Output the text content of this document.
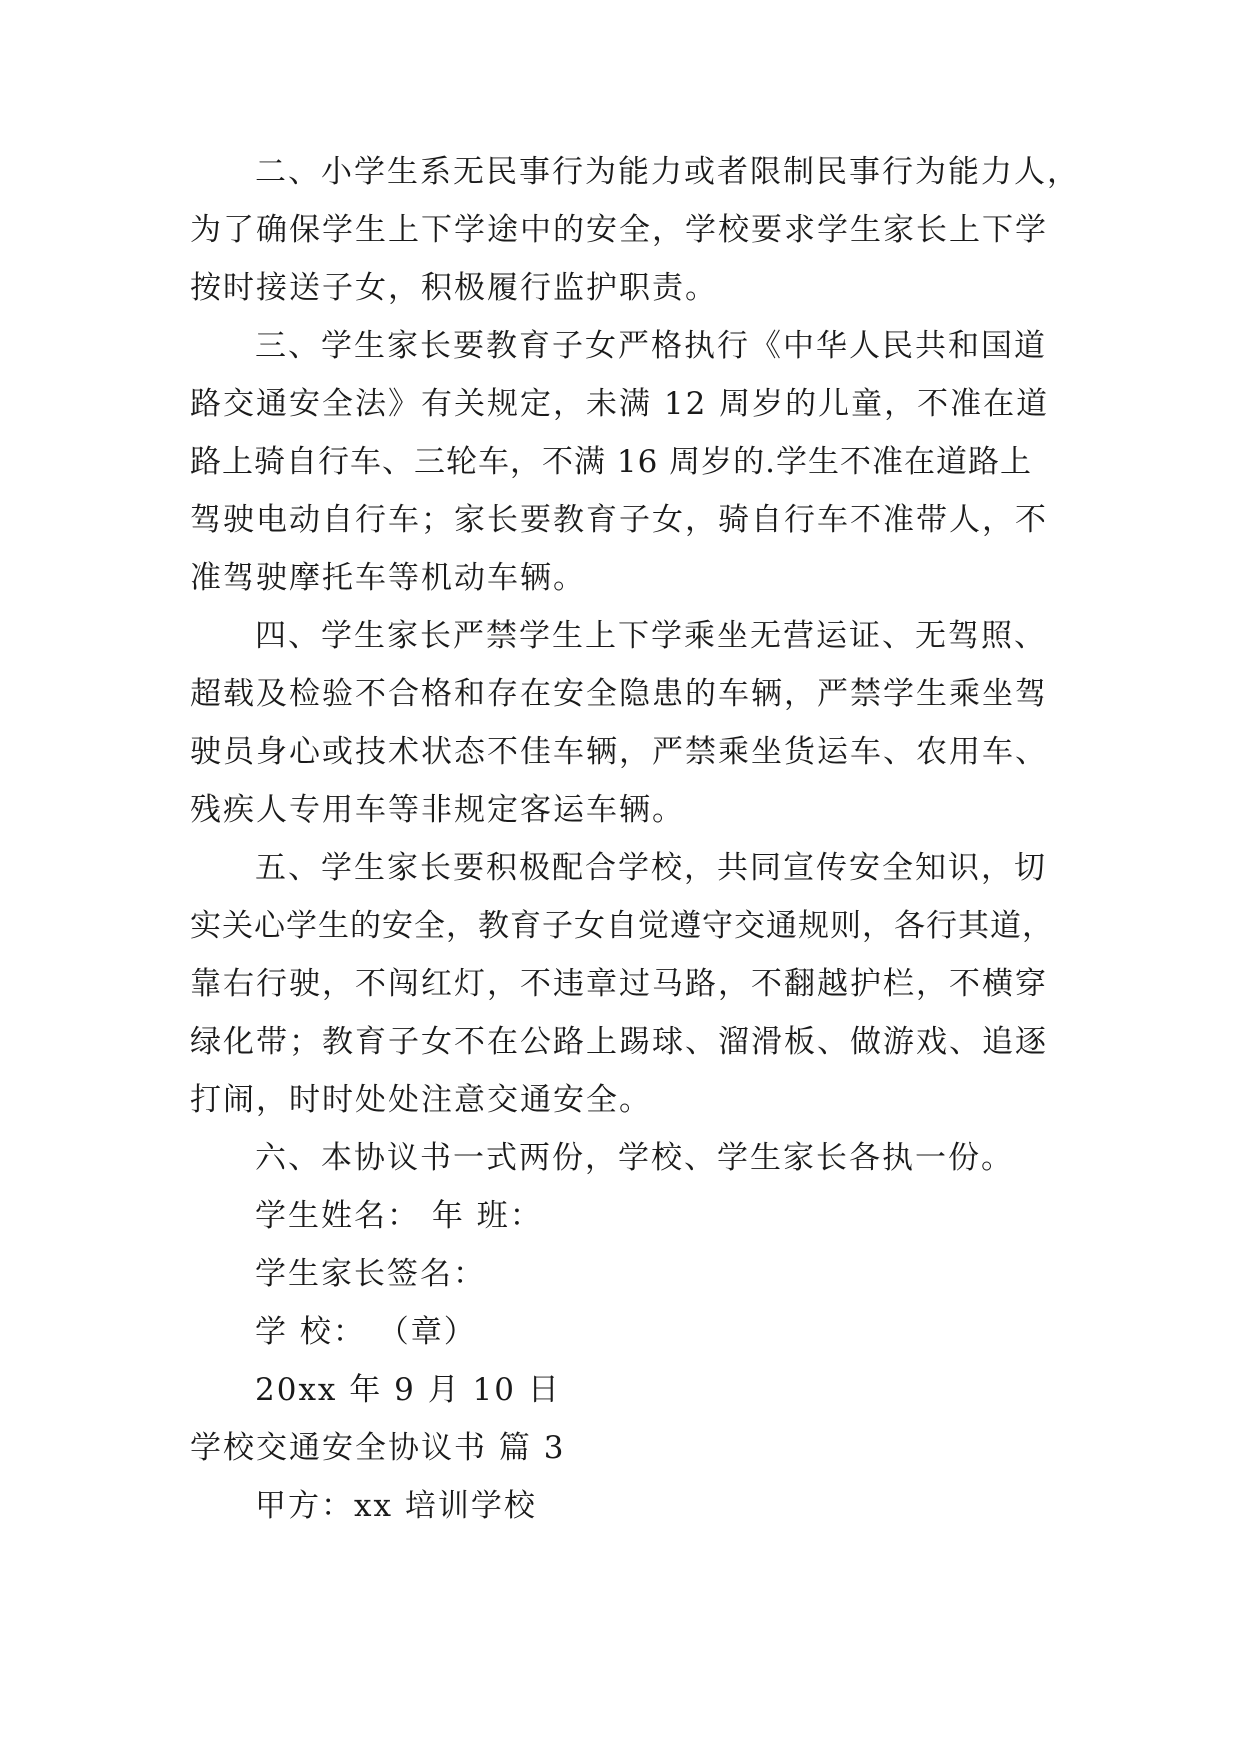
二、小学生系无民事行为能力或者限制民事行为能力人，
为了确保学生上下学途中的安全，学校要求学生家长上下学
按时接送子女，积极履行监护职责。
三、学生家长要教育子女严格执行《中华人民共和国道
路交通安全法》有关规定，未满 12 周岁的儿童，不准在道
路上骑自行车、三轮车，不满 16 周岁的.学生不准在道路上
驾驶电动自行车；家长要教育子女，骑自行车不准带人，不
准驾驶摩托车等机动车辆。
四、学生家长严禁学生上下学乘坐无营运证、无驾照、
超载及检验不合格和存在安全隐患的车辆，严禁学生乘坐驾
驶员身心或技术状态不佳车辆，严禁乘坐货运车、农用车、
残疾人专用车等非规定客运车辆。
五、学生家长要积极配合学校，共同宣传安全知识，切
实关心学生的安全，教育子女自觉遵守交通规则，各行其道，
靠右行驶，不闯红灯，不违章过马路，不翻越护栏，不横穿
绿化带；教育子女不在公路上踢球、溜滑板、做游戏、追逐
打闹，时时处处注意交通安全。
六、本协议书一式两份，学校、学生家长各执一份。
学生姓名： 年 班：
学生家长签名：
学 校： （章）
20xx 年 9 月 10 日
学校交通安全协议书 篇 3
甲方：xx 培训学校
